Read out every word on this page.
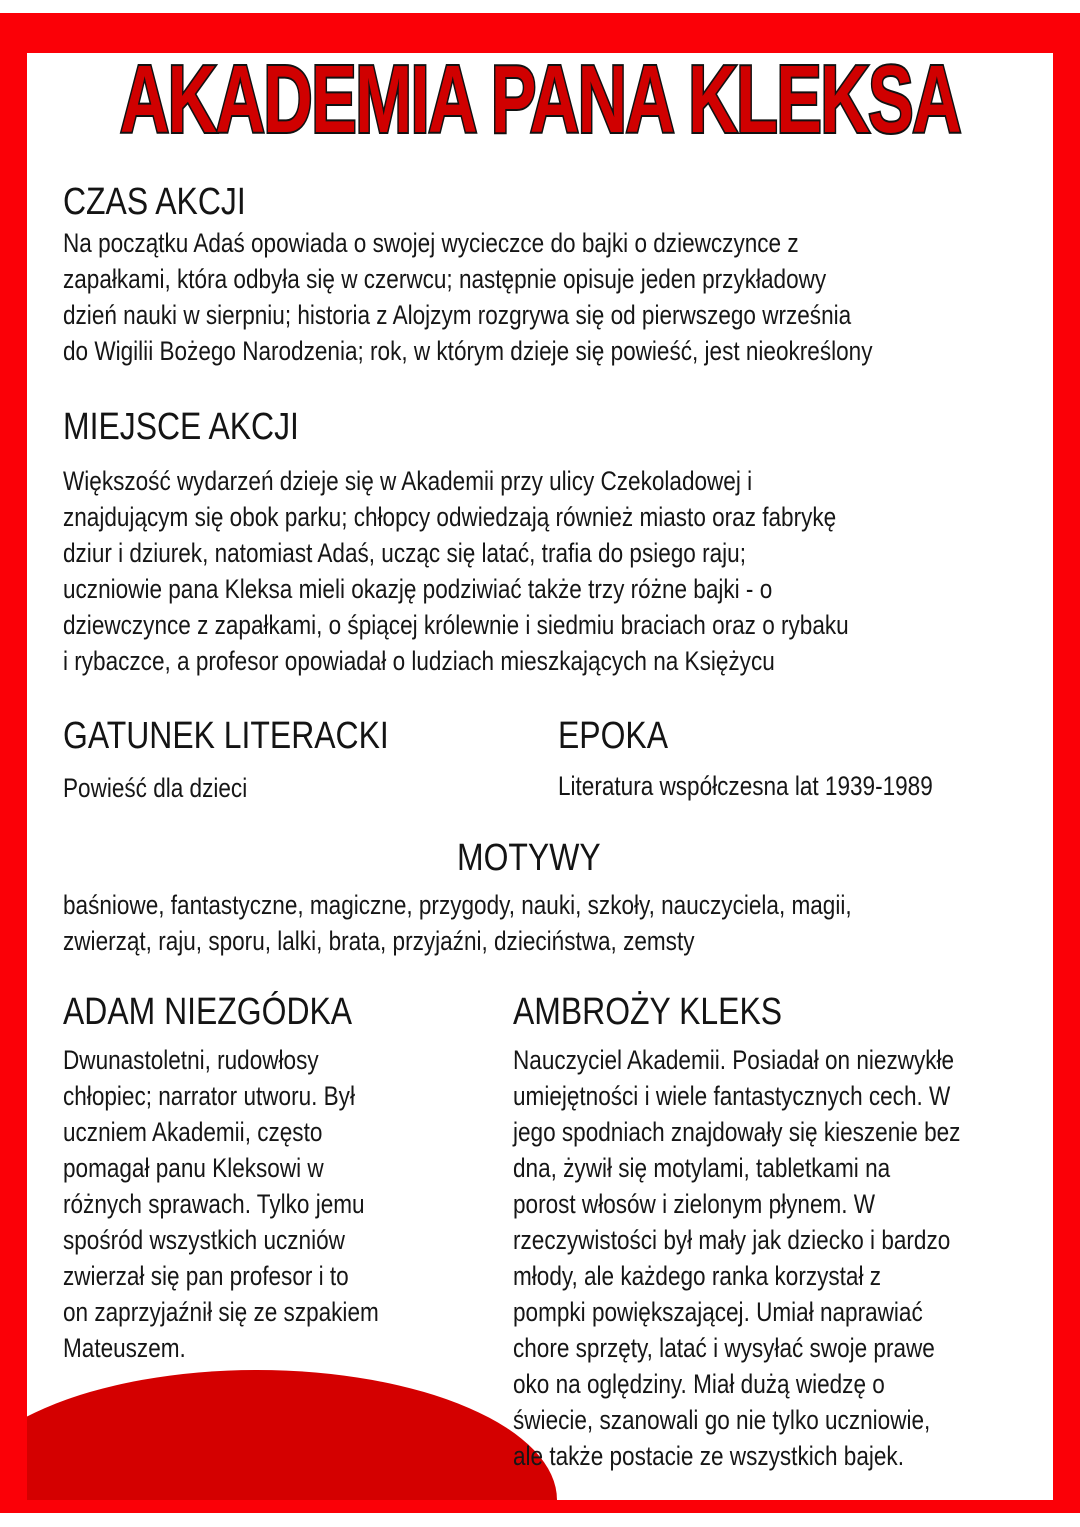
AKADEMIA PANA KLEKSA
CZAS AKCJI
Na początku Adaś opowiada o swojej wycieczce do bajki o dziewczynce z
zapałkami, która odbyła się w czerwcu; następnie opisuje jeden przykładowy
dzień nauki w sierpniu; historia z Alojzym rozgrywa się od pierwszego września
do Wigilii Bożego Narodzenia; rok, w którym dzieje się powieść, jest nieokreślony
MIEJSCE AKCJI
Większość wydarzeń dzieje się w Akademii przy ulicy Czekoladowej i
znajdującym się obok parku; chłopcy odwiedzają również miasto oraz fabrykę
dziur i dziurek, natomiast Adaś, ucząc się latać, trafia do psiego raju;
uczniowie pana Kleksa mieli okazję podziwiać także trzy różne bajki - o
dziewczynce z zapałkami, o śpiącej królewnie i siedmiu braciach oraz o rybaku
i rybaczce, a profesor opowiadał o ludziach mieszkających na Księżycu
GATUNEK LITERACKI
Powieść dla dzieci
EPOKA
Literatura współczesna lat 1939-1989
MOTYWY
baśniowe, fantastyczne, magiczne, przygody, nauki, szkoły, nauczyciela, magii,
zwierząt, raju, sporu, lalki, brata, przyjaźni, dzieciństwa, zemsty
ADAM NIEZGÓDKA
Dwunastoletni, rudowłosy
chłopiec; narrator utworu. Był
uczniem Akademii, często
pomagał panu Kleksowi w
różnych sprawach. Tylko jemu
spośród wszystkich uczniów
zwierzał się pan profesor i to
on zaprzyjaźnił się ze szpakiem
Mateuszem.
AMBROŻY KLEKS
Nauczyciel Akademii. Posiadał on niezwykłe
umiejętności i wiele fantastycznych cech. W
jego spodniach znajdowały się kieszenie bez
dna, żywił się motylami, tabletkami na
porost włosów i zielonym płynem. W
rzeczywistości był mały jak dziecko i bardzo
młody, ale każdego ranka korzystał z
pompki powiększającej. Umiał naprawiać
chore sprzęty, latać i wysyłać swoje prawe
oko na oględziny. Miał dużą wiedzę o
świecie, szanowali go nie tylko uczniowie,
ale także postacie ze wszystkich bajek.
